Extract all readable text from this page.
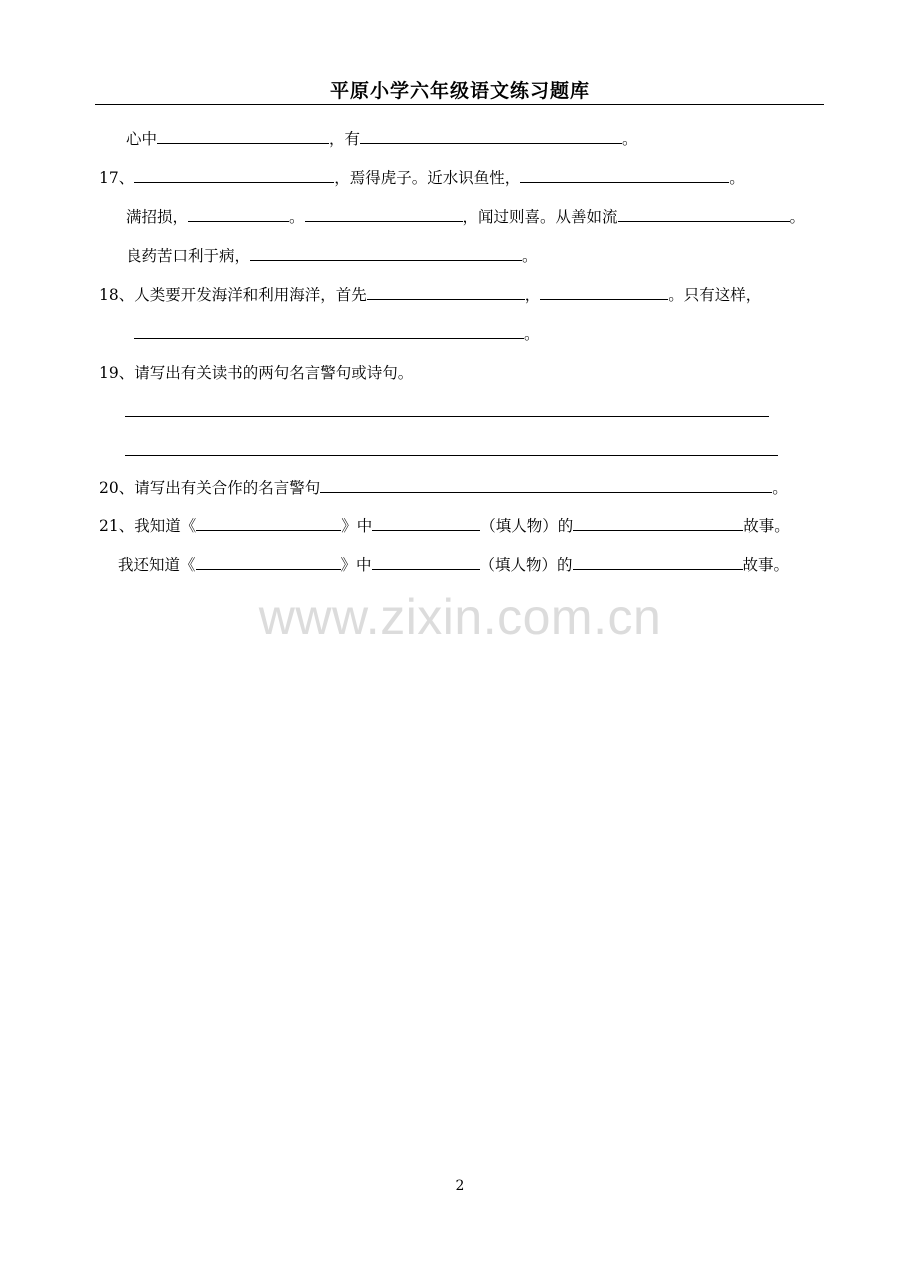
平原小学六年级语文练习题库
心中	，有	。
17、	，焉得虎子。近水识鱼性，	。
满招损，	。	，闻过则喜。从善如流	。
良药苦口利于病，	。
18、人类要开发海洋和利用海洋，首先	，	。只有这样，
。
19、请写出有关读书的两句名言警句或诗句。
20、请写出有关合作的名言警句	。
21、我知道《	》中	（填人物）的	故事。
我还知道《	》中	（填人物）的	故事。
www.zixin.com.cn
2
